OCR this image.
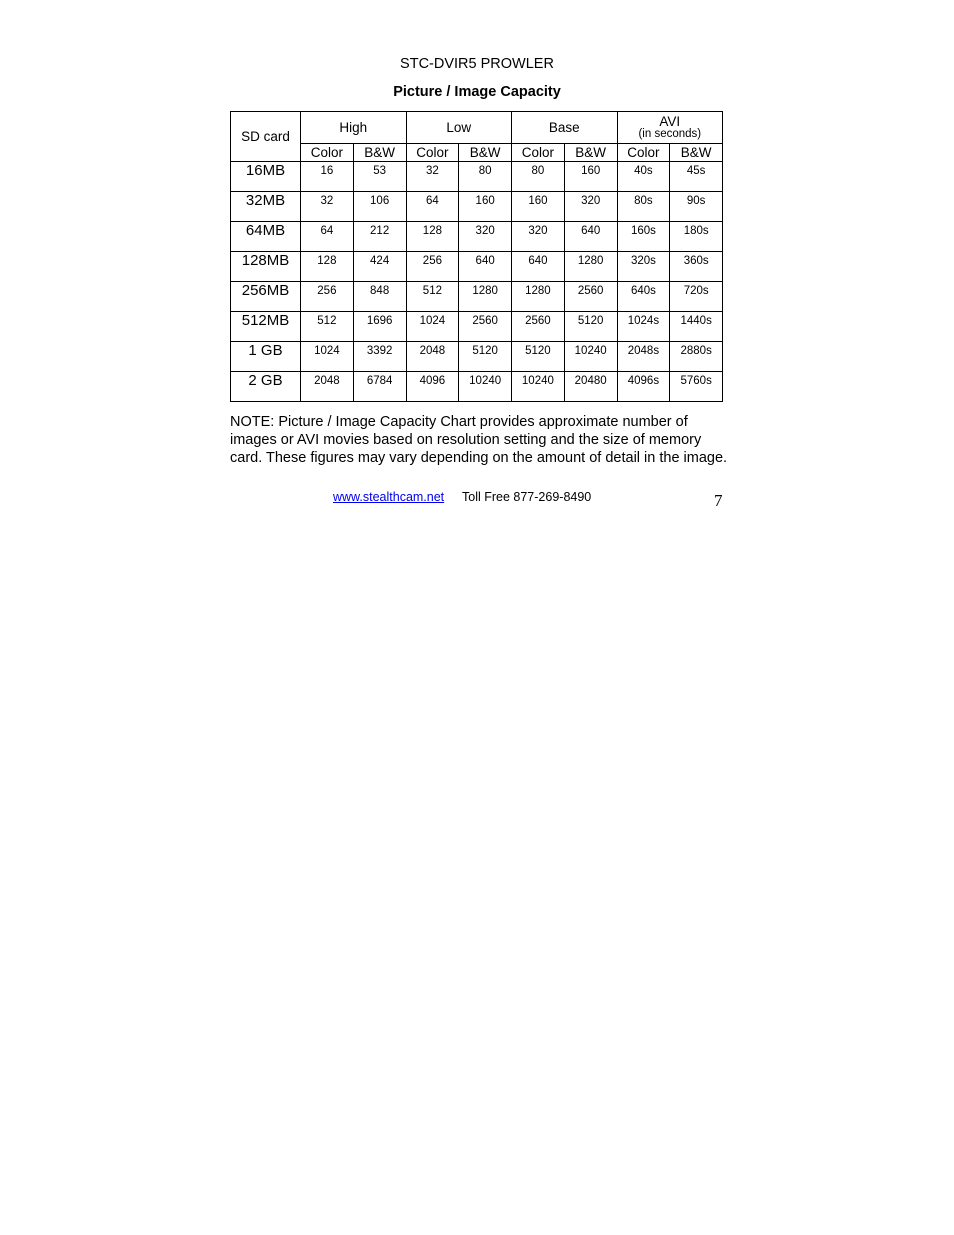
STC-DVIR5 PROWLER
Picture / Image Capacity
SD card	High		Low		Base		AVI
(in seconds)	

	Color	B&W	Color	B&W	Color	B&W	Color	B&W
16MB	16	53	32	80	80	160	40s	45s
32MB	32	106	64	160	160	320	80s	90s
64MB	64	212	128	320	320	640	160s	180s
128MB	128	424	256	640	640	1280	320s	360s
256MB	256	848	512	1280	1280	2560	640s	720s
512MB	512	1696	1024	2560	2560	5120	1024s	1440s
1 GB	1024	3392	2048	5120	5120	10240	2048s	2880s
2 GB	2048	6784	4096	10240	10240	20480	4096s	5760s
NOTE: Picture / Image Capacity Chart provides approximate number of images or AVI movies based on resolution setting and the size of memory card. These figures may vary depending on the amount of detail in the image.
www.stealthcam.net Toll Free 877-269-8490	7
